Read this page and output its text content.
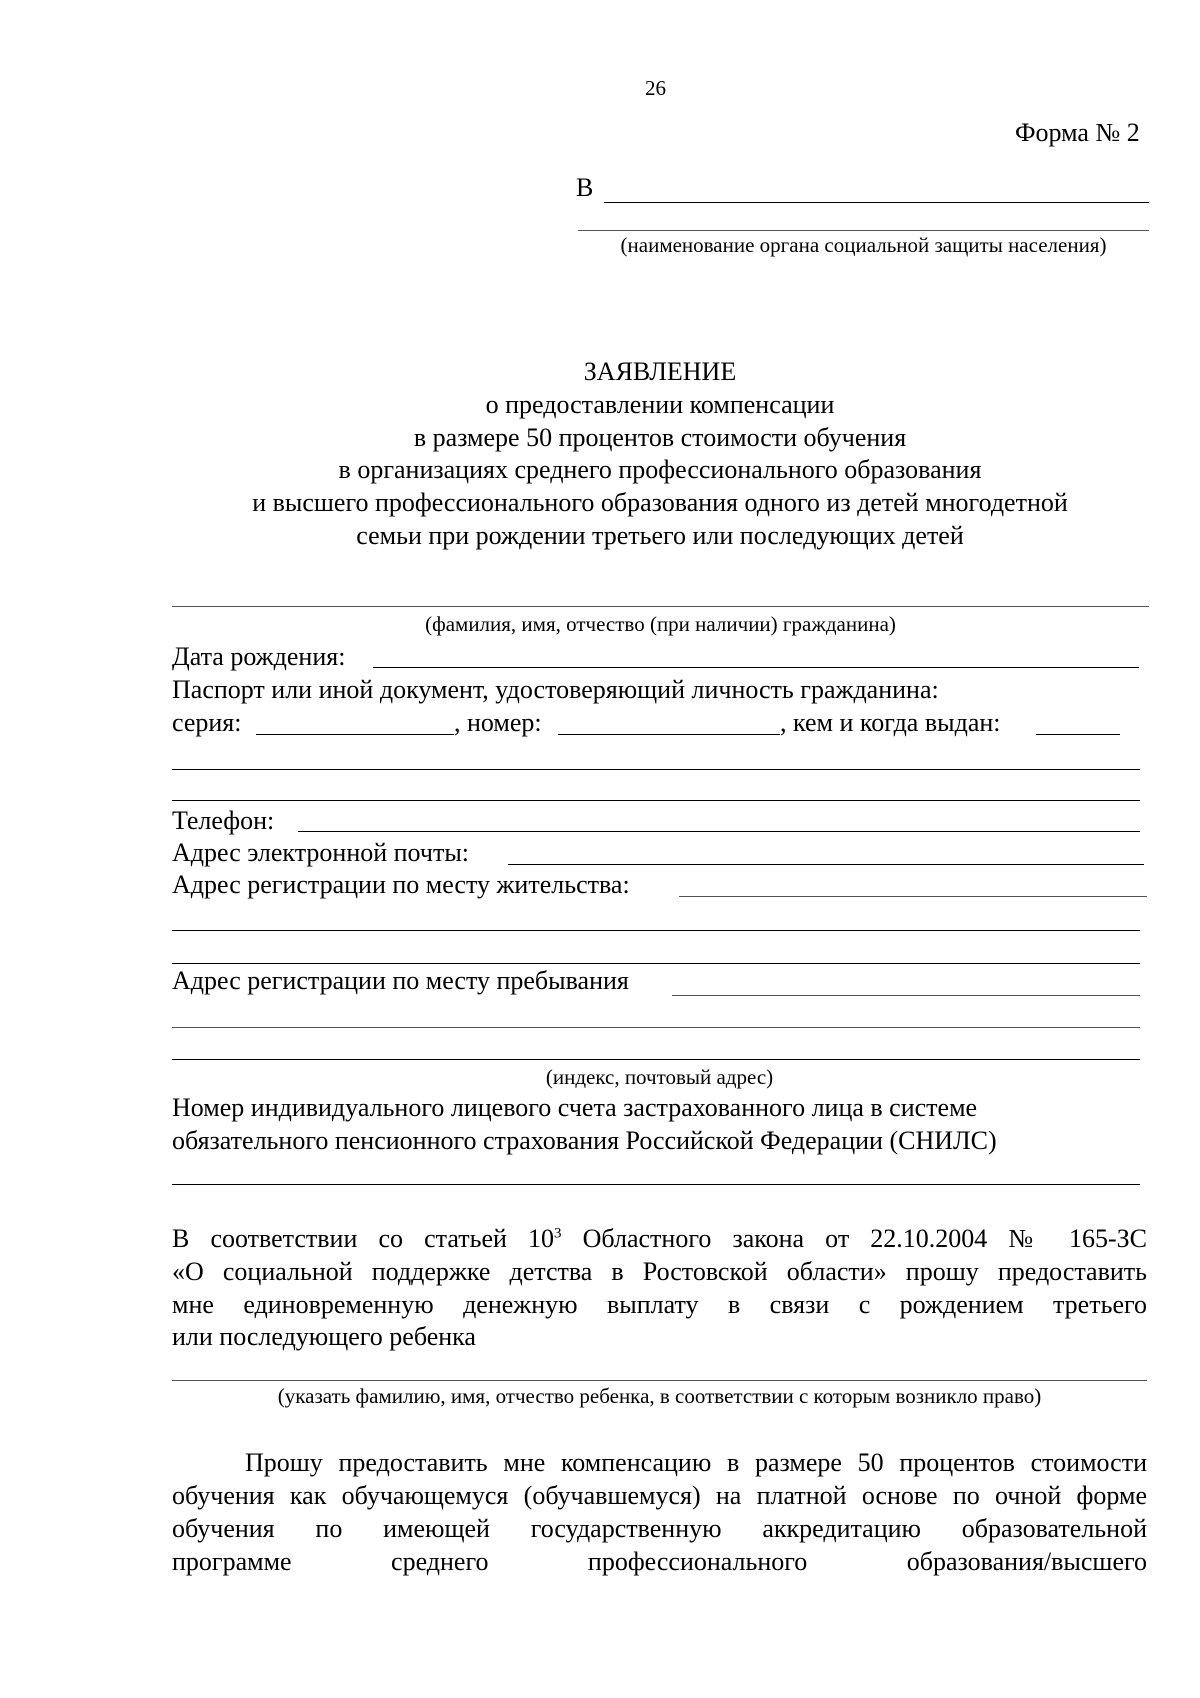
26
Форма № 2
В
(наименование органа социальной защиты населения)
ЗАЯВЛЕНИЕ
о предоставлении компенсации
в размере 50 процентов стоимости обучения
в организациях среднего профессионального образования
и высшего профессионального образования одного из детей многодетной
семьи при рождении третьего или последующих детей
(фамилия, имя, отчество (при наличии) гражданина)
Дата рождения:
Паспорт или иной документ, удостоверяющий личность гражданина:
серия:	, номер:	, кем и когда выдан:
Телефон:
Адрес электронной почты:
Адрес регистрации по месту жительства:
Адрес регистрации по месту пребывания
(индекс, почтовый адрес)
Номер индивидуального лицевого счета застрахованного лица в системе
обязательного пенсионного страхования Российской Федерации (СНИЛС)
В соответствии со статьей $10^3$ Областного закона от 22.10.2004 № 165-ЗС
«О социальной поддержке детства в Ростовской области» прошу предоставить
мне единовременную денежную выплату в связи с рождением третьего
или последующего ребенка
(указать фамилию, имя, отчество ребенка, в соответствии с которым возникло право)
Прошу предоставить мне компенсацию в размере 50 процентов стоимости
обучения как обучающемуся (обучавшемуся) на платной основе по очной форме
обучения по имеющей государственную аккредитацию образовательной
программе среднего профессионального образования/высшего
